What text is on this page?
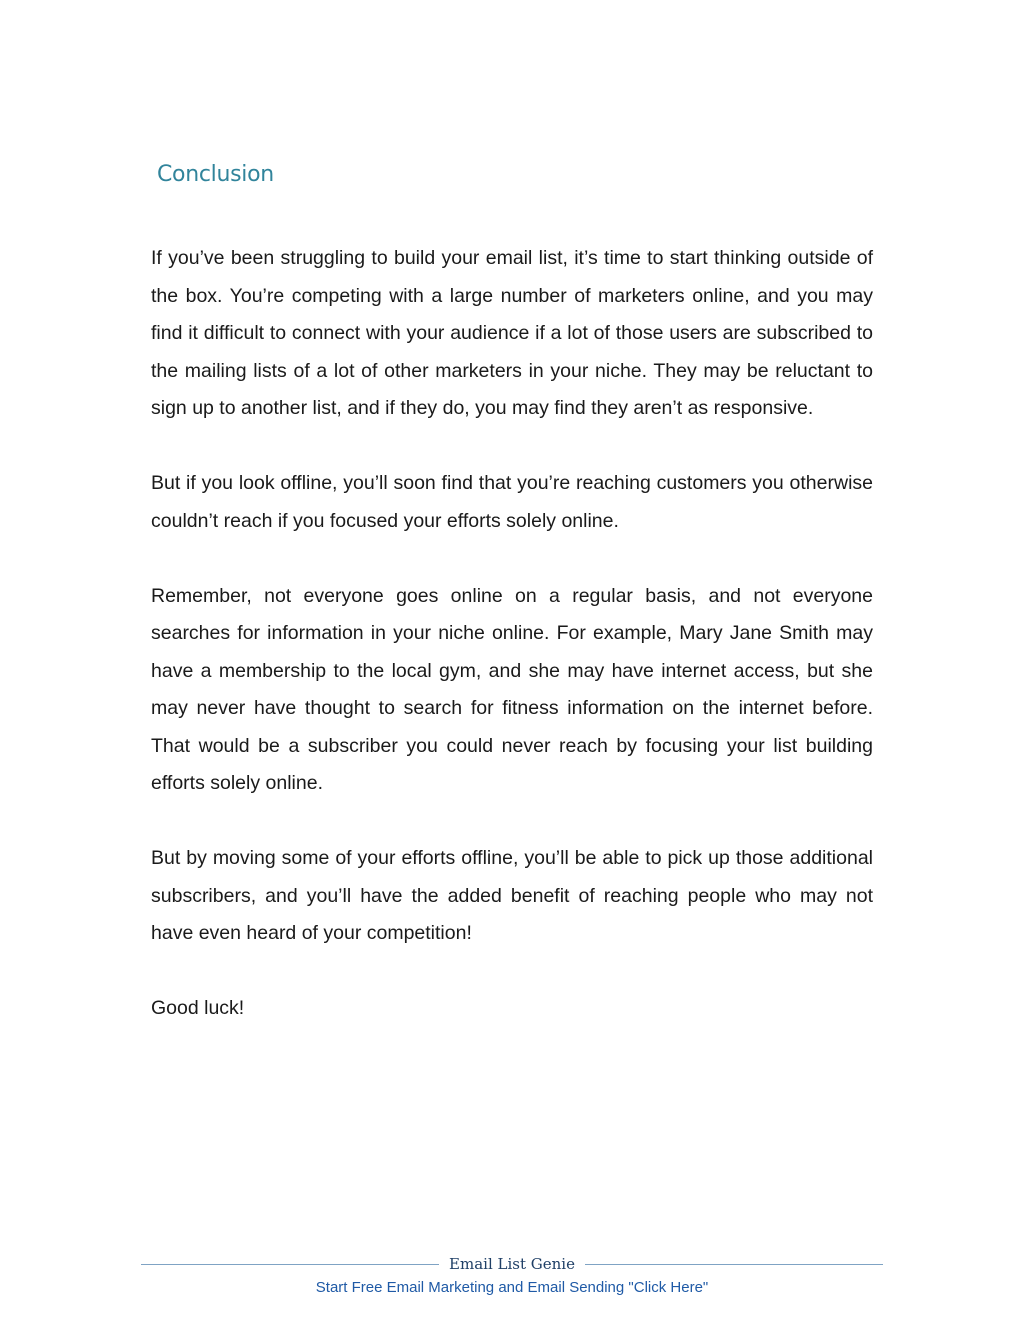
Conclusion

If you’ve been struggling to build your email list, it’s time to start thinking outside of the box. You’re competing with a large number of marketers online, and you may find it difficult to connect with your audience if a lot of those users are subscribed to the mailing lists of a lot of other marketers in your niche. They may be reluctant to sign up to another list, and if they do, you may find they aren’t as responsive.

But if you look offline, you’ll soon find that you’re reaching customers you otherwise couldn’t reach if you focused your efforts solely online.

Remember, not everyone goes online on a regular basis, and not everyone searches for information in your niche online. For example, Mary Jane Smith may have a membership to the local gym, and she may have internet access, but she may never have thought to search for fitness information on the internet before. That would be a subscriber you could never reach by focusing your list building efforts solely online.

But by moving some of your efforts offline, you’ll be able to pick up those additional subscribers, and you’ll have the added benefit of reaching people who may not have even heard of your competition!

Good luck!

Email List Genie
Start Free Email Marketing and Email Sending "Click Here"
